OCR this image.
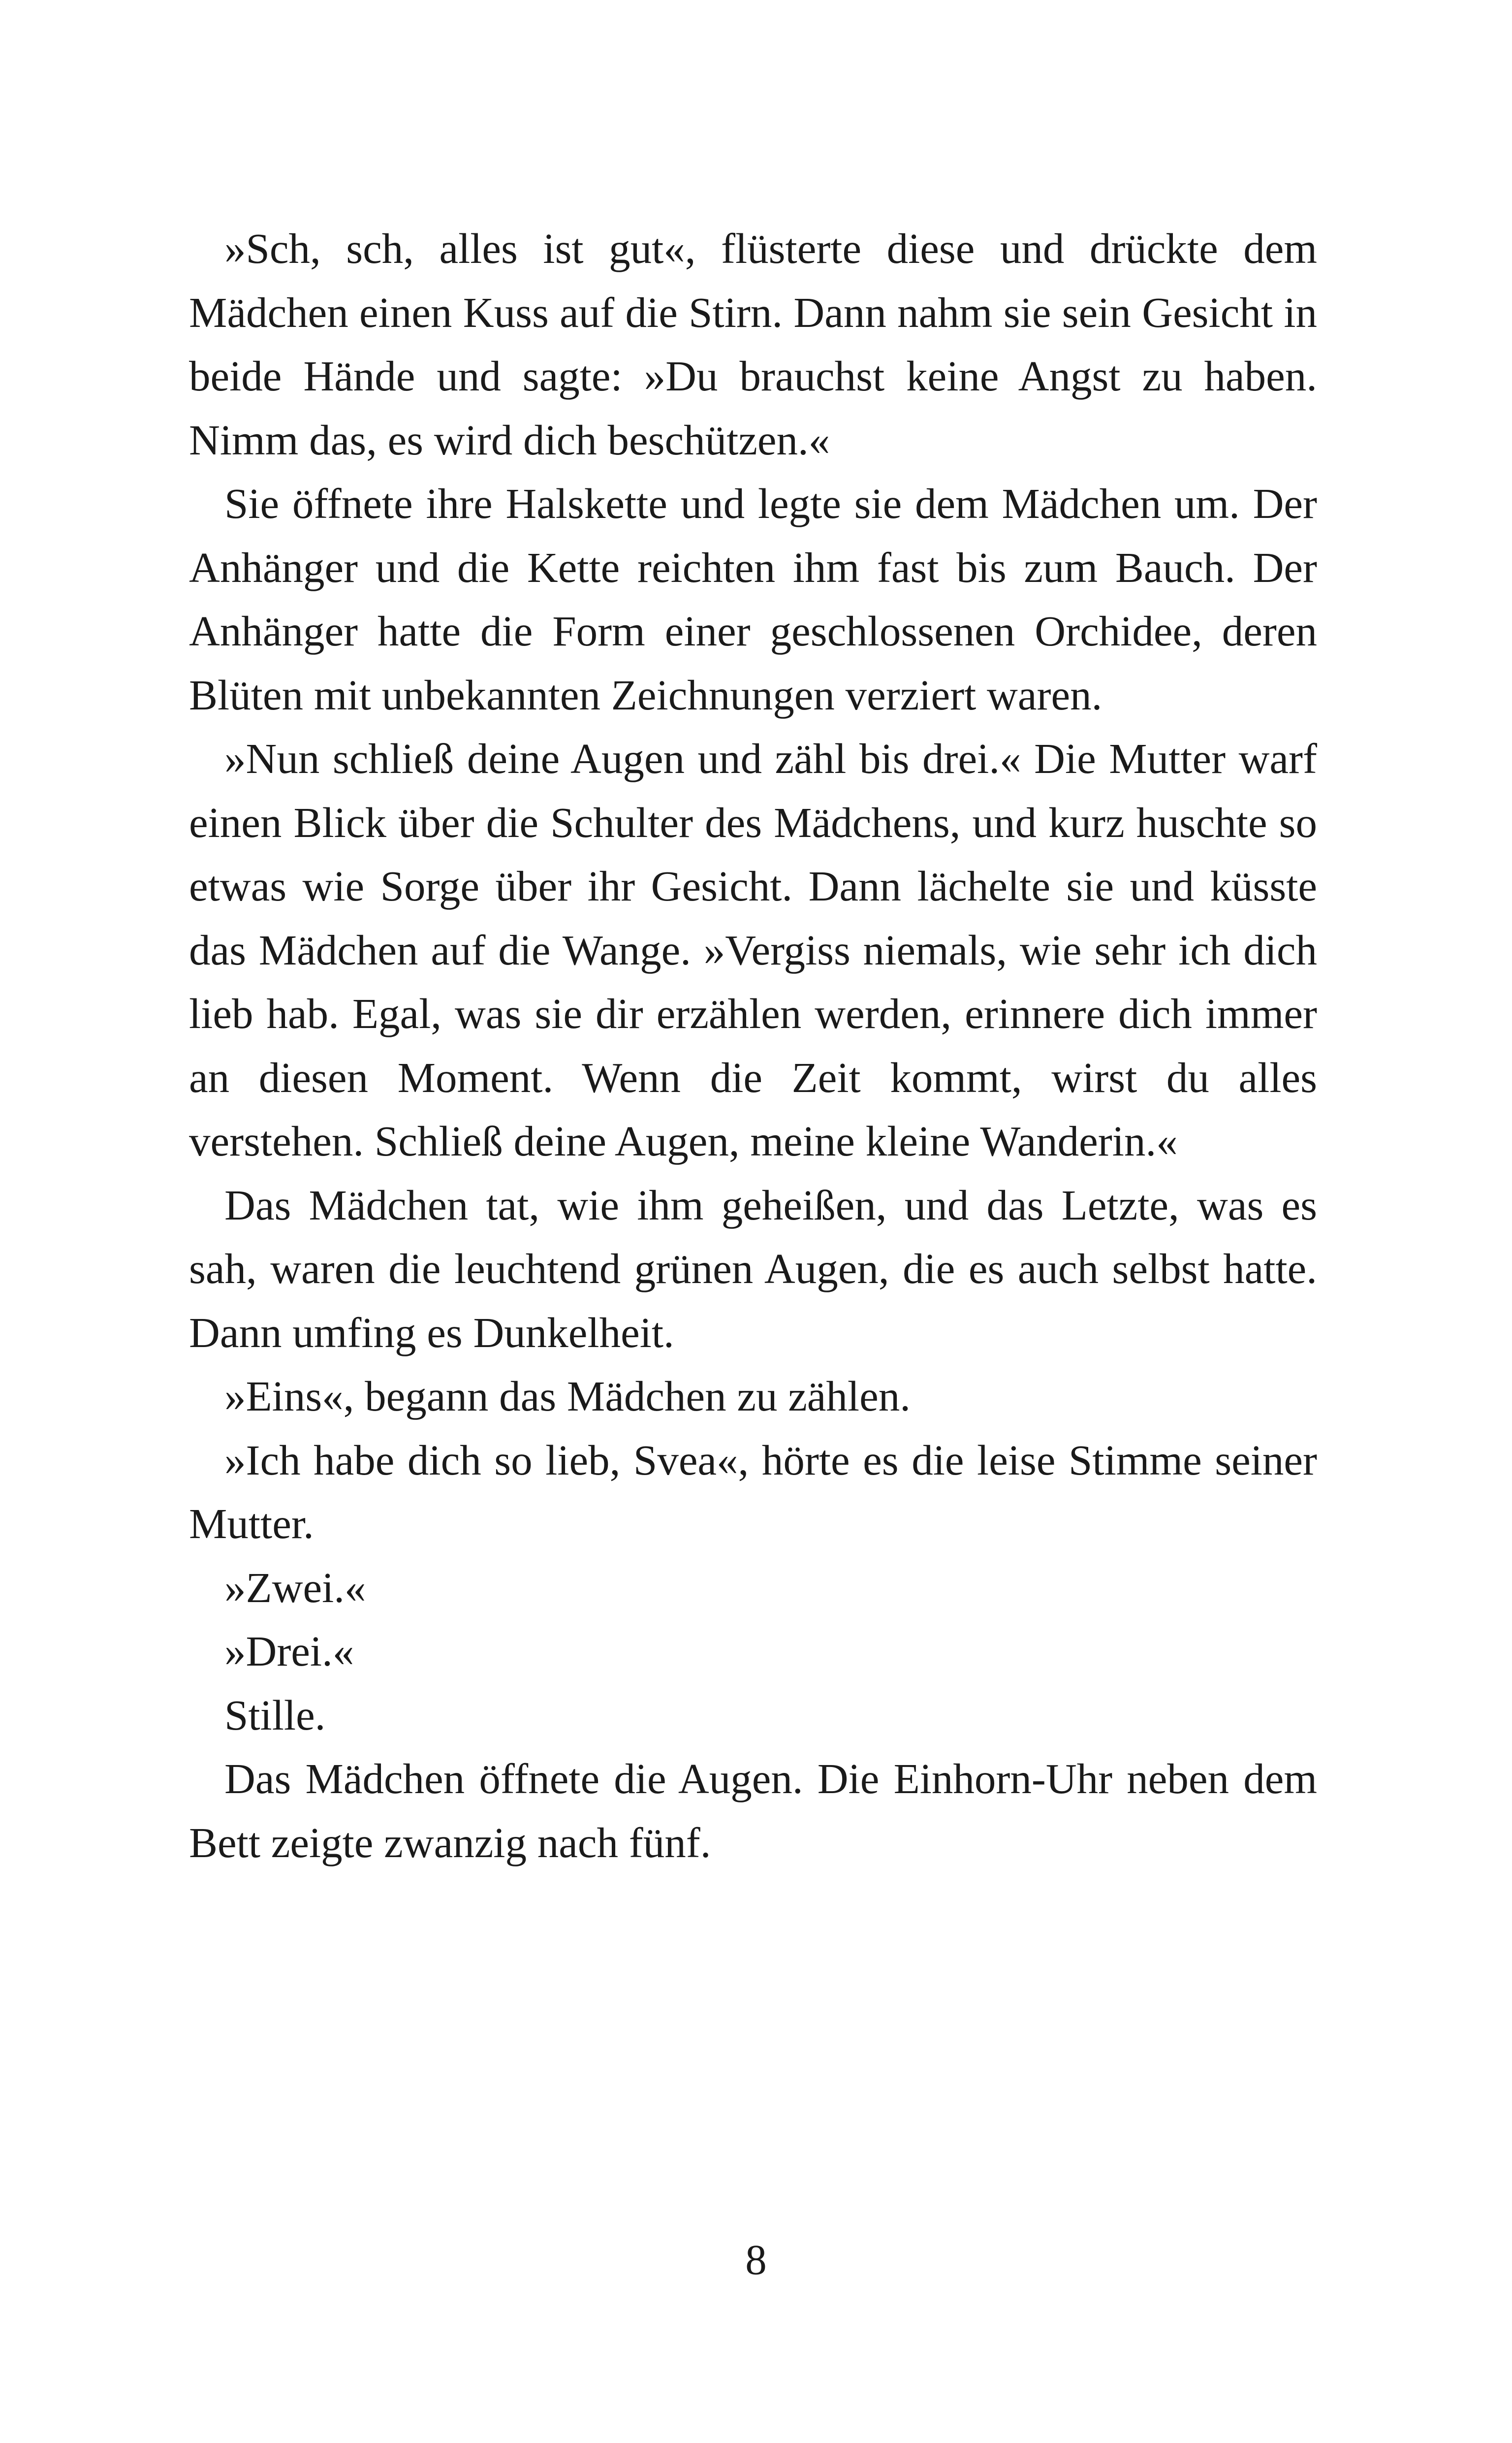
»Sch, sch, alles ist gut«, flüsterte diese und drückte dem Mädchen einen Kuss auf die Stirn. Dann nahm sie sein Gesicht in beide Hände und sagte: »Du brauchst keine Angst zu haben. Nimm das, es wird dich beschützen.«

Sie öffnete ihre Halskette und legte sie dem Mädchen um. Der Anhänger und die Kette reichten ihm fast bis zum Bauch. Der Anhänger hatte die Form einer geschlossenen Orchidee, deren Blüten mit unbekannten Zeichnungen verziert waren.

»Nun schließ deine Augen und zähl bis drei.« Die Mutter warf einen Blick über die Schulter des Mädchens, und kurz huschte so etwas wie Sorge über ihr Gesicht. Dann lächelte sie und küsste das Mädchen auf die Wange. »Vergiss niemals, wie sehr ich dich lieb hab. Egal, was sie dir erzählen werden, erinnere dich immer an diesen Moment. Wenn die Zeit kommt, wirst du alles verstehen. Schließ deine Augen, meine kleine Wanderin.«

Das Mädchen tat, wie ihm geheißen, und das Letzte, was es sah, waren die leuchtend grünen Augen, die es auch selbst hatte. Dann umfing es Dunkelheit.

»Eins«, begann das Mädchen zu zählen.

»Ich habe dich so lieb, Svea«, hörte es die leise Stimme seiner Mutter.

»Zwei.«

»Drei.«

Stille.

Das Mädchen öffnete die Augen. Die Einhorn-Uhr neben dem Bett zeigte zwanzig nach fünf.

8
